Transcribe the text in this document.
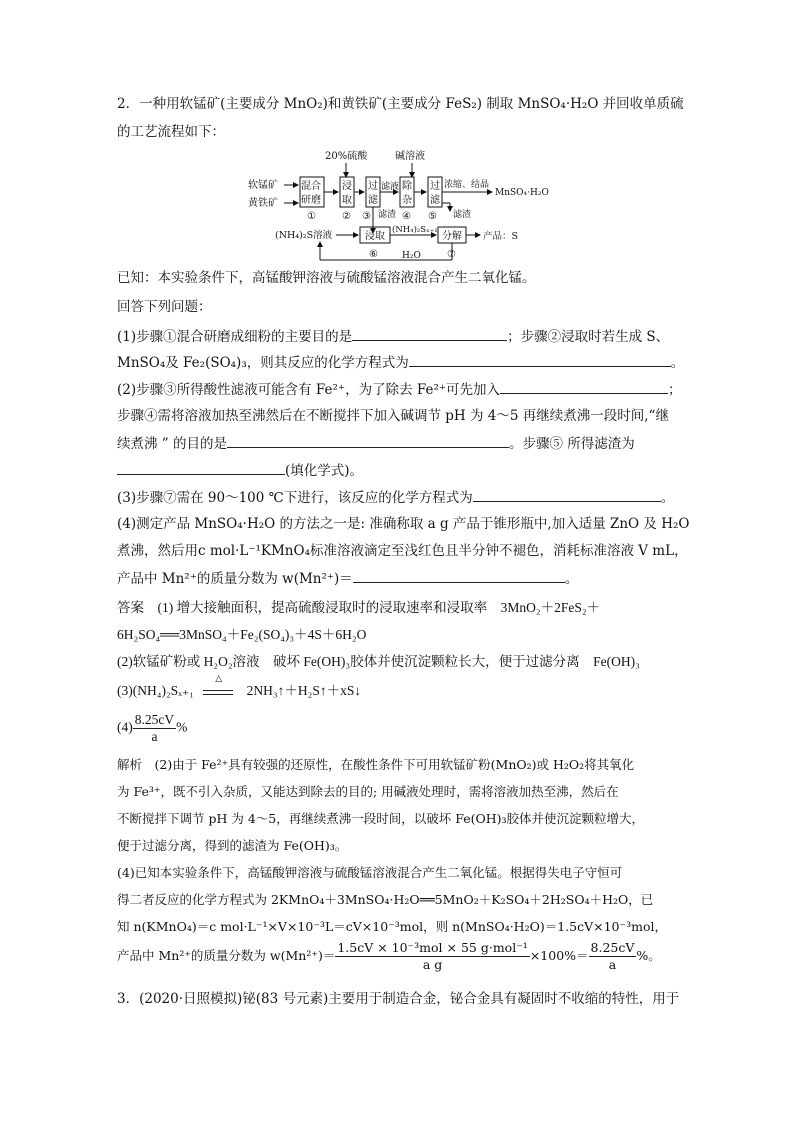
2．一种用软锰矿(主要成分 MnO₂)和黄铁矿(主要成分 FeS₂) 制取 MnSO₄·H₂O 并回收单质硫
的工艺流程如下：
20%硫酸	碱溶液
软锰矿
黄铁矿
混合
研磨
①
浸
取
②
过
滤
③
滤液 除
杂
④
过
滤
⑤
浓缩、结晶
MnSO₄·H₂O
滤渣
滤渣
(NH₄)₂S溶液	浸取
⑥
(NH₄)₂Sₓ₊₁
分解
⑦
产品：S
H₂O
已知：本实验条件下，高锰酸钾溶液与硫酸锰溶液混合产生二氧化锰。
回答下列问题：
(1)步骤①混合研磨成细粉的主要目的是	；步骤②浸取时若生成 S、
MnSO₄及 Fe₂(SO₄)₃，则其反应的化学方程式为	。
(2)步骤③所得酸性滤液可能含有 Fe²⁺，为了除去 Fe²⁺可先加入	；
步骤④需将溶液加热至沸然后在不断搅拌下加入碱调节 pH 为 4～5 再继续煮沸一段时间,“继
续煮沸 ” 的目的是	。步骤⑤ 所得滤渣为
(填化学式)。
(3)步骤⑦需在 90～100 ℃下进行，该反应的化学方程式为	。
(4)测定产品 MnSO₄·H₂O 的方法之一是: 准确称取 a g 产品于锥形瓶中,加入适量 ZnO 及 H₂O
煮沸，然后用c mol·L⁻¹KMnO₄标准溶液滴定至浅红色且半分钟不褪色，消耗标准溶液 V mL，
产品中 Mn²⁺的质量分数为 w(Mn²⁺)＝	。
答案　(1) 增大接触面积，提高硫酸浸取时的浸取速率和浸取率　3MnO₂＋2FeS₂＋
6H₂SO₄══3MnSO₄＋Fe₂(SO₄)₃＋4S＋6H₂O
(2)软锰矿粉或 H₂O₂溶液　破坏 Fe(OH)₃胶体并使沉淀颗粒长大，便于过滤分离　Fe(OH)₃
(3)(NH₄)₂Sₓ₊₁
△
2NH₃↑＋H₂S↑＋xS↓
$(4) \frac{8.25cV}{a}$ %
解析　(2)由于 Fe²⁺具有较强的还原性，在酸性条件下可用软锰矿粉(MnO₂)或 H₂O₂将其氧化
为 Fe³⁺，既不引入杂质，又能达到除去的目的; 用碱液处理时，需将溶液加热至沸，然后在
不断搅拌下调节 pH 为 4～5，再继续煮沸一段时间，以破坏 Fe(OH)₃胶体并使沉淀颗粒增大，
便于过滤分离，得到的滤渣为 Fe(OH)₃。
(4)已知本实验条件下，高锰酸钾溶液与硫酸锰溶液混合产生二氧化锰。根据得失电子守恒可
得二者反应的化学方程式为 2KMnO₄＋3MnSO₄·H₂O══5MnO₂＋K₂SO₄＋2H₂SO₄＋H₂O，已
知 n(KMnO₄)＝c mol·L⁻¹×V×10⁻³L＝cV×10⁻³mol，则 n(MnSO₄·H₂O)＝1.5cV×10⁻³mol，
产品中 Mn²⁺的质量分数为 $w(Mn^{2+})= \frac{\text{1.5cV × 10⁻³mol × 55 g·mol⁻¹}}{\text{a g}} \times 100\%= \frac{8.25cV}{a}$ %。
3．(2020·日照模拟)铋(83 号元素)主要用于制造合金，铋合金具有凝固时不收缩的特性，用于
